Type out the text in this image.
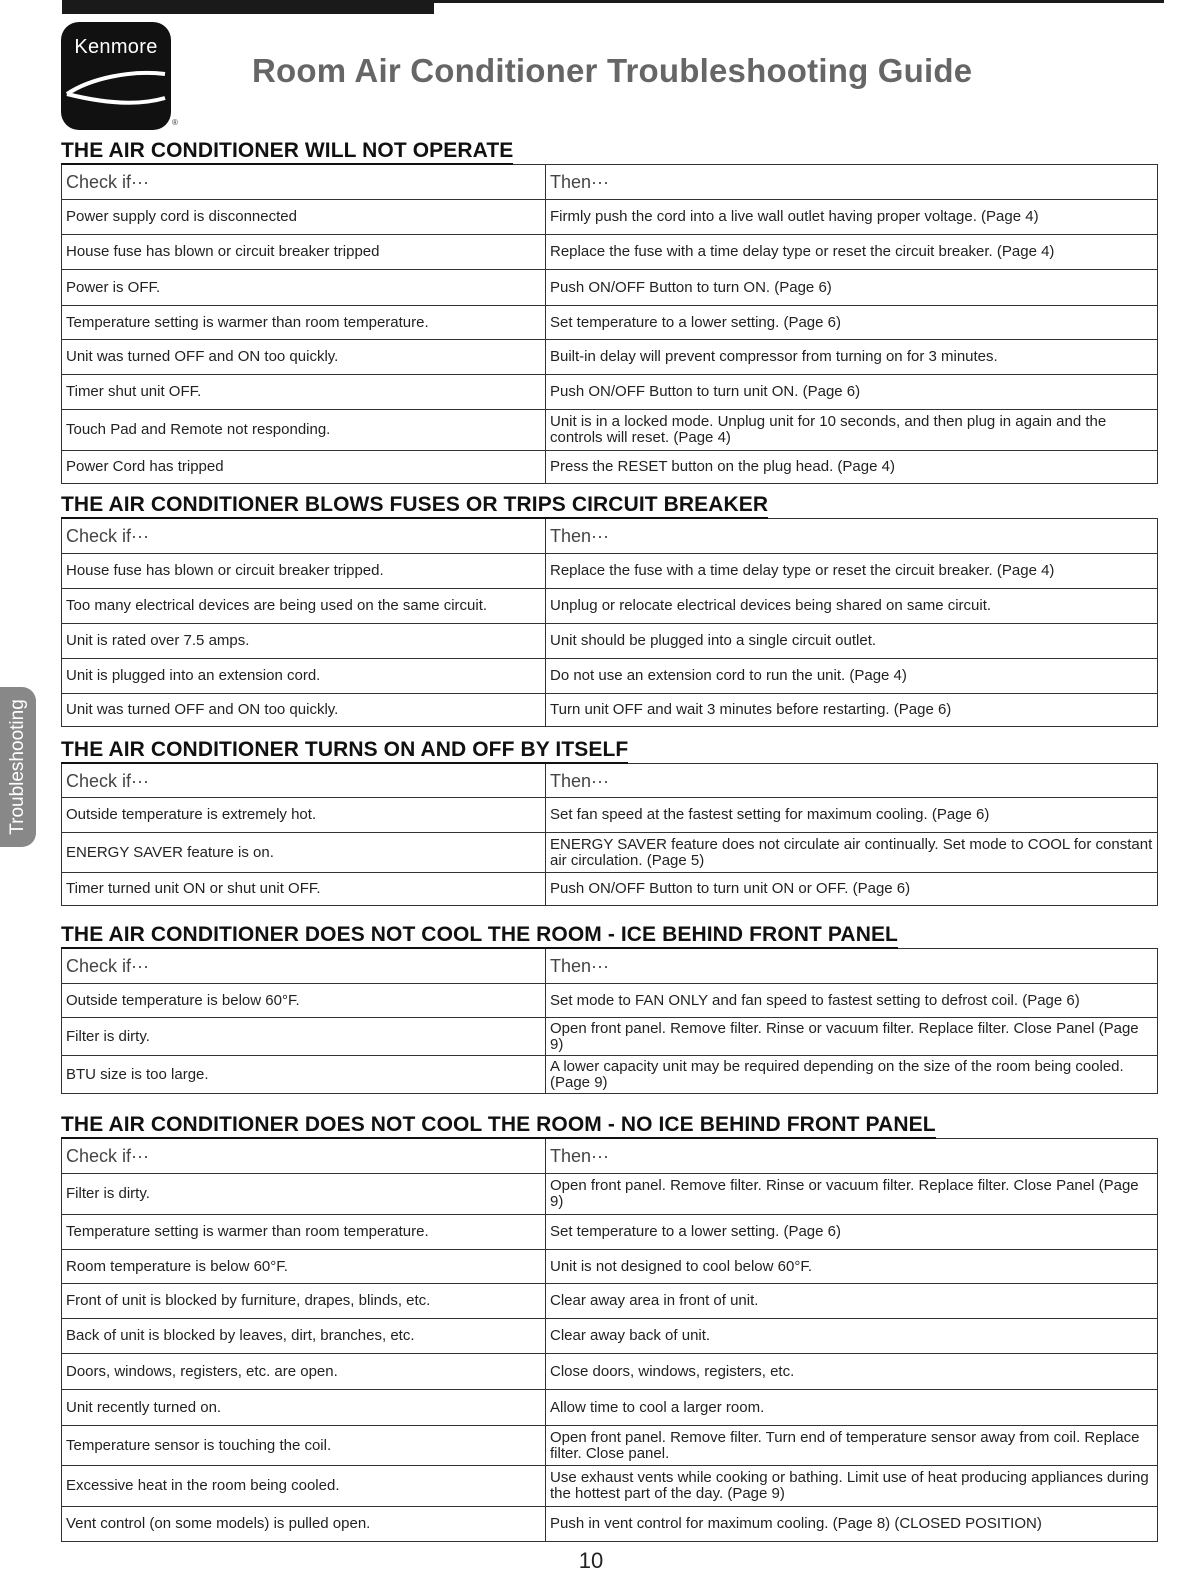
Kenmore
®
Room Air Conditioner Troubleshooting Guide
Troubleshooting
THE AIR CONDITIONER WILL NOT OPERATE
Check if···	Then···
Power supply cord is disconnected	Firmly push the cord into a live wall outlet having proper voltage. (Page 4)
House fuse has blown or circuit breaker tripped	Replace the fuse with a time delay type or reset the circuit breaker. (Page 4)
Power is OFF.	Push ON/OFF Button to turn ON. (Page 6)
Temperature setting is warmer than room temperature.	Set temperature to a lower setting. (Page 6)
Unit was turned OFF and ON too quickly.	Built-in delay will prevent compressor from turning on for 3 minutes.
Timer shut unit OFF.	Push ON/OFF Button to turn unit ON. (Page 6)
Touch Pad and Remote not responding.	Unit is in a locked mode. Unplug unit for 10 seconds, and then plug in again and the controls will reset. (Page 4)
Power Cord has tripped	Press the RESET button on the plug head. (Page 4)
THE AIR CONDITIONER BLOWS FUSES OR TRIPS CIRCUIT BREAKER
Check if···	Then···
House fuse has blown or circuit breaker tripped.	Replace the fuse with a time delay type or reset the circuit breaker. (Page 4)
Too many electrical devices are being used on the same circuit.	Unplug or relocate electrical devices being shared on same circuit.
Unit is rated over 7.5 amps.	Unit should be plugged into a single circuit outlet.
Unit is plugged into an extension cord.	Do not use an extension cord to run the unit. (Page 4)
Unit was turned OFF and ON too quickly.	Turn unit OFF and wait 3 minutes before restarting. (Page 6)
THE AIR CONDITIONER TURNS ON AND OFF BY ITSELF
Check if···	Then···
Outside temperature is extremely hot.	Set fan speed at the fastest setting for maximum cooling. (Page 6)
ENERGY SAVER feature is on.	ENERGY SAVER feature does not circulate air continually. Set mode to COOL for constant air circulation. (Page 5)
Timer turned unit ON or shut unit OFF.	Push ON/OFF Button to turn unit ON or OFF. (Page 6)
THE AIR CONDITIONER DOES NOT COOL THE ROOM - ICE BEHIND FRONT PANEL
Check if···	Then···
Outside temperature is below 60°F.	Set mode to FAN ONLY and fan speed to fastest setting to defrost coil. (Page 6)
Filter is dirty.	Open front panel. Remove filter. Rinse or vacuum filter. Replace filter. Close Panel (Page 9)
BTU size is too large.	A lower capacity unit may be required depending on the size of the room being cooled. (Page 9)
THE AIR CONDITIONER DOES NOT COOL THE ROOM - NO ICE BEHIND FRONT PANEL
Check if···	Then···
Filter is dirty.	Open front panel. Remove filter. Rinse or vacuum filter. Replace filter. Close Panel (Page 9)
Temperature setting is warmer than room temperature.	Set temperature to a lower setting. (Page 6)
Room temperature is below 60°F.	Unit is not designed to cool below 60°F.
Front of unit is blocked by furniture, drapes, blinds, etc.	Clear away area in front of unit.
Back of unit is blocked by leaves, dirt, branches, etc.	Clear away back of unit.
Doors, windows, registers, etc. are open.	Close doors, windows, registers, etc.
Unit recently turned on.	Allow time to cool a larger room.
Temperature sensor is touching the coil.	Open front panel. Remove filter. Turn end of temperature sensor away from coil. Replace filter. Close panel.
Excessive heat in the room being cooled.	Use exhaust vents while cooking or bathing. Limit use of heat producing appliances during the hottest part of the day. (Page 9)
Vent control (on some models) is pulled open.	Push in vent control for maximum cooling. (Page 8) (CLOSED POSITION)
10
